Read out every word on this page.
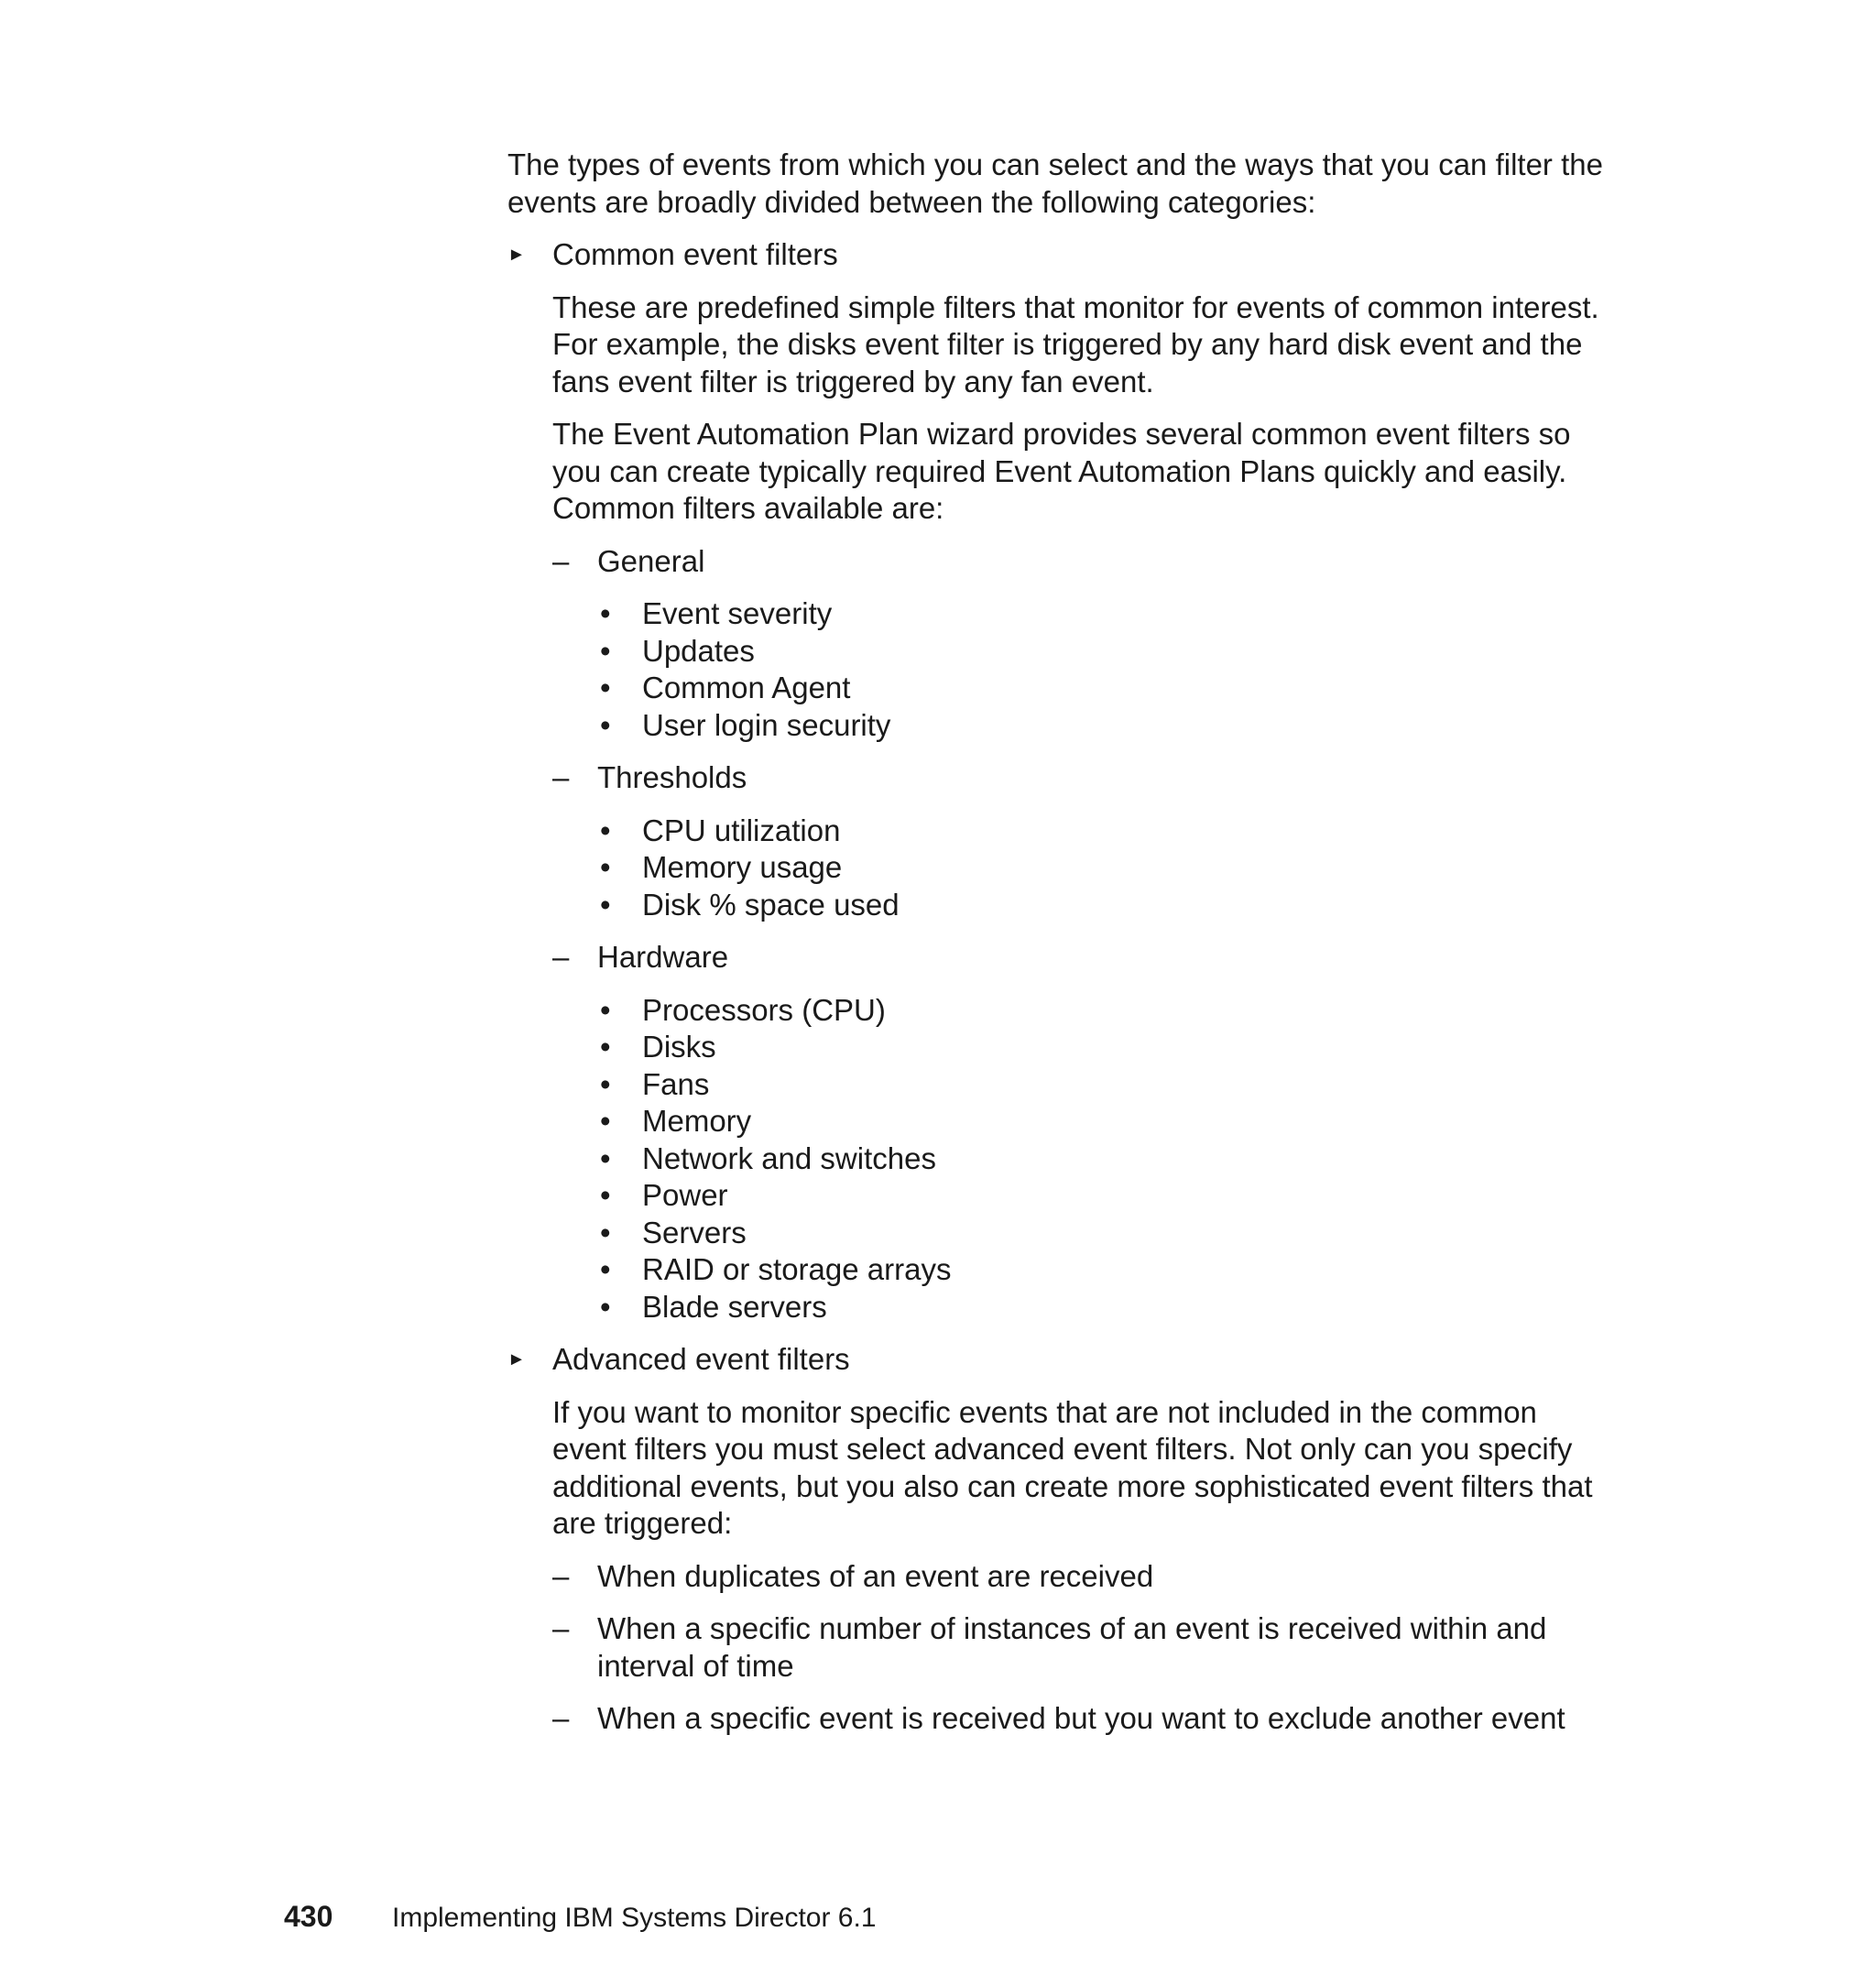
The types of events from which you can select and the ways that you can filter the events are broadly divided between the following categories:

► Common event filters

These are predefined simple filters that monitor for events of common interest. For example, the disks event filter is triggered by any hard disk event and the fans event filter is triggered by any fan event.

The Event Automation Plan wizard provides several common event filters so you can create typically required Event Automation Plans quickly and easily. Common filters available are:

– General

• Event severity
• Updates
• Common Agent
• User login security
– Thresholds

• CPU utilization
• Memory usage
• Disk % space used
– Hardware

• Processors (CPU)
• Disks
• Fans
• Memory
• Network and switches
• Power
• Servers
• RAID or storage arrays
• Blade servers
► Advanced event filters

If you want to monitor specific events that are not included in the common event filters you must select advanced event filters. Not only can you specify additional events, but you also can create more sophisticated event filters that are triggered:

– When duplicates of an event are received

– When a specific number of instances of an event is received within and interval of time

– When a specific event is received but you want to exclude another event

430 Implementing IBM Systems Director 6.1
